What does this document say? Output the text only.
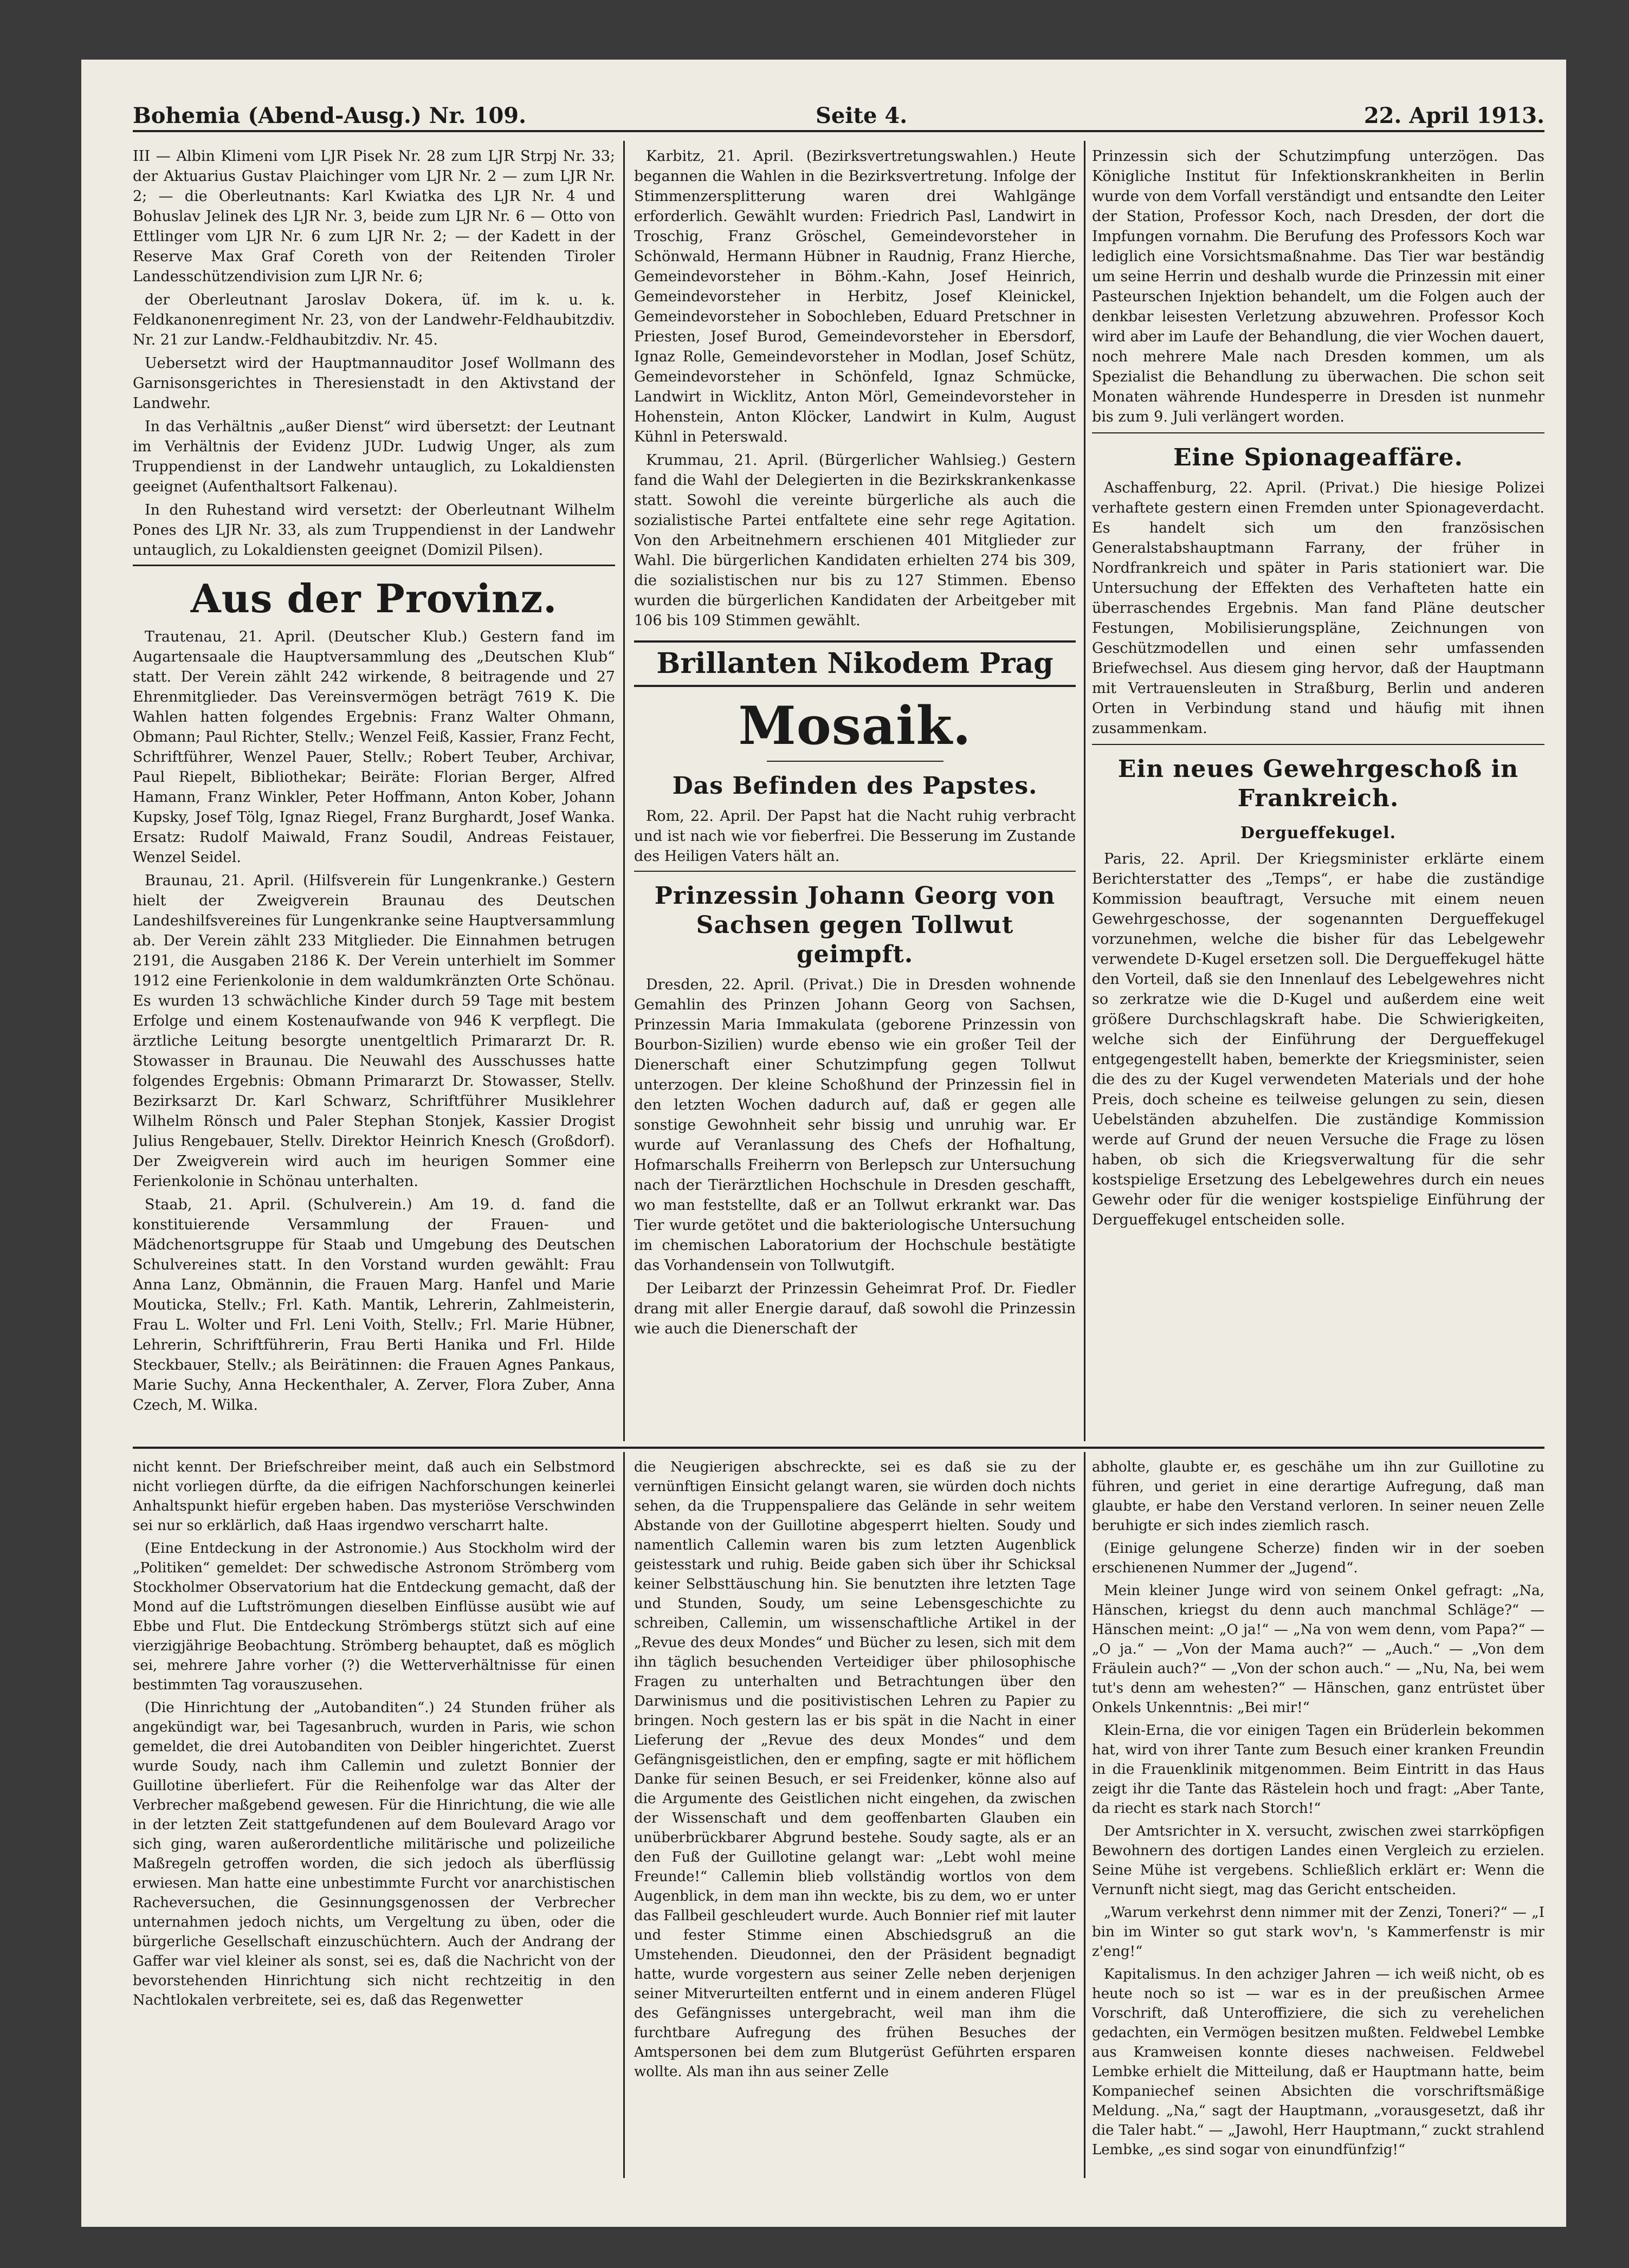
Bohemia (Abend-Ausg.) Nr. 109.	Seite 4.	22. April 1913.

III — Albin Klimeni vom LJR Pisek Nr. 28 zum LJR Strpj Nr. 33; der Aktuarius Gustav Plaichinger vom LJR Nr. 2 — zum LJR Nr. 2; — die Oberleutnants: Karl Kwiatka des LJR Nr. 4 und Bohuslav Jelinek des LJR Nr. 3, beide zum LJR Nr. 6 — Otto von Ettlinger vom LJR Nr. 6 zum LJR Nr. 2; — der Kadett in der Reserve Max Graf Coreth von der Reitenden Tiroler Landesschützendivision zum LJR Nr. 6;

der Oberleutnant Jaroslav Dokera, üf. im k. u. k. Feldkanonenregiment Nr. 23, von der Landwehr-Feldhaubitzdiv. Nr. 21 zur Landw.-Feldhaubitzdiv. Nr. 45.

Uebersetzt wird der Hauptmannauditor Josef Wollmann des Garnisonsgerichtes in Theresienstadt in den Aktivstand der Landwehr.

In das Verhältnis „außer Dienst“ wird übersetzt: der Leutnant im Verhältnis der Evidenz JUDr. Ludwig Unger, als zum Truppendienst in der Landwehr untauglich, zu Lokaldiensten geeignet (Aufenthaltsort Falkenau).

In den Ruhestand wird versetzt: der Oberleutnant Wilhelm Pones des LJR Nr. 33, als zum Truppendienst in der Landwehr untauglich, zu Lokaldiensten geeignet (Domizil Pilsen).

Aus der Provinz.

Trautenau, 21. April. (Deutscher Klub.) Gestern fand im Augartensaale die Hauptversammlung des „Deutschen Klub“ statt. Der Verein zählt 242 wirkende, 8 beitragende und 27 Ehrenmitglieder. Das Vereinsvermögen beträgt 7619 K. Die Wahlen hatten folgendes Ergebnis: Franz Walter Ohmann, Obmann; Paul Richter, Stellv.; Wenzel Feiß, Kassier, Franz Fecht, Schriftführer, Wenzel Pauer, Stellv.; Robert Teuber, Archivar, Paul Riepelt, Bibliothekar; Beiräte: Florian Berger, Alfred Hamann, Franz Winkler, Peter Hoffmann, Anton Kober, Johann Kupsky, Josef Tölg, Ignaz Riegel, Franz Burghardt, Josef Wanka. Ersatz: Rudolf Maiwald, Franz Soudil, Andreas Feistauer, Wenzel Seidel.

Braunau, 21. April. (Hilfsverein für Lungenkranke.) Gestern hielt der Zweigverein Braunau des Deutschen Landeshilfsvereines für Lungenkranke seine Hauptversammlung ab. Der Verein zählt 233 Mitglieder. Die Einnahmen betrugen 2191, die Ausgaben 2186 K. Der Verein unterhielt im Sommer 1912 eine Ferienkolonie in dem waldumkränzten Orte Schönau. Es wurden 13 schwächliche Kinder durch 59 Tage mit bestem Erfolge und einem Kostenaufwande von 946 K verpflegt. Die ärztliche Leitung besorgte unentgeltlich Primararzt Dr. R. Stowasser in Braunau. Die Neuwahl des Ausschusses hatte folgendes Ergebnis: Obmann Primararzt Dr. Stowasser, Stellv. Bezirksarzt Dr. Karl Schwarz, Schriftführer Musiklehrer Wilhelm Rönsch und Paler Stephan Stonjek, Kassier Drogist Julius Rengebauer, Stellv. Direktor Heinrich Knesch (Großdorf). Der Zweigverein wird auch im heurigen Sommer eine Ferienkolonie in Schönau unterhalten.

Staab, 21. April. (Schulverein.) Am 19. d. fand die konstituierende Versammlung der Frauen- und Mädchenortsgruppe für Staab und Umgebung des Deutschen Schulvereines statt. In den Vorstand wurden gewählt: Frau Anna Lanz, Obmännin, die Frauen Marg. Hanfel und Marie Mouticka, Stellv.; Frl. Kath. Mantik, Lehrerin, Zahlmeisterin, Frau L. Wolter und Frl. Leni Voith, Stellv.; Frl. Marie Hübner, Lehrerin, Schriftführerin, Frau Berti Hanika und Frl. Hilde Steckbauer, Stellv.; als Beirätinnen: die Frauen Agnes Pankaus, Marie Suchy, Anna Heckenthaler, A. Zerver, Flora Zuber, Anna Czech, M. Wilka.

Karbitz, 21. April. (Bezirksvertretungswahlen.) Heute begannen die Wahlen in die Bezirksvertretung. Infolge der Stimmenzersplitterung waren drei Wahlgänge erforderlich. Gewählt wurden: Friedrich Pasl, Landwirt in Troschig, Franz Gröschel, Gemeindevorsteher in Schönwald, Hermann Hübner in Raudnig, Franz Hierche, Gemeindevorsteher in Böhm.-Kahn, Josef Heinrich, Gemeindevorsteher in Herbitz, Josef Kleinickel, Gemeindevorsteher in Sobochleben, Eduard Pretschner in Priesten, Josef Burod, Gemeindevorsteher in Ebersdorf, Ignaz Rolle, Gemeindevorsteher in Modlan, Josef Schütz, Gemeindevorsteher in Schönfeld, Ignaz Schmücke, Landwirt in Wicklitz, Anton Mörl, Gemeindevorsteher in Hohenstein, Anton Klöcker, Landwirt in Kulm, August Kühnl in Peterswald.

Krummau, 21. April. (Bürgerlicher Wahlsieg.) Gestern fand die Wahl der Delegierten in die Bezirkskrankenkasse statt. Sowohl die vereinte bürgerliche als auch die sozialistische Partei entfaltete eine sehr rege Agitation. Von den Arbeitnehmern erschienen 401 Mitglieder zur Wahl. Die bürgerlichen Kandidaten erhielten 274 bis 309, die sozialistischen nur bis zu 127 Stimmen. Ebenso wurden die bürgerlichen Kandidaten der Arbeitgeber mit 106 bis 109 Stimmen gewählt.

Brillanten Nikodem Prag
Mosaik.
Das Befinden des Papstes.

Rom, 22. April. Der Papst hat die Nacht ruhig verbracht und ist nach wie vor fieberfrei. Die Besserung im Zustande des Heiligen Vaters hält an.

Prinzessin Johann Georg von Sachsen gegen Tollwut geimpft.

Dresden, 22. April. (Privat.) Die in Dresden wohnende Gemahlin des Prinzen Johann Georg von Sachsen, Prinzessin Maria Immakulata (geborene Prinzessin von Bourbon-Sizilien) wurde ebenso wie ein großer Teil der Dienerschaft einer Schutzimpfung gegen Tollwut unterzogen. Der kleine Schoßhund der Prinzessin fiel in den letzten Wochen dadurch auf, daß er gegen alle sonstige Gewohnheit sehr bissig und unruhig war. Er wurde auf Veranlassung des Chefs der Hofhaltung, Hofmarschalls Freiherrn von Berlepsch zur Untersuchung nach der Tierärztlichen Hochschule in Dresden geschafft, wo man feststellte, daß er an Tollwut erkrankt war. Das Tier wurde getötet und die bakteriologische Untersuchung im chemischen Laboratorium der Hochschule bestätigte das Vorhandensein von Tollwutgift.

Der Leibarzt der Prinzessin Geheimrat Prof. Dr. Fiedler drang mit aller Energie darauf, daß sowohl die Prinzessin wie auch die Dienerschaft der

Prinzessin sich der Schutzimpfung unterzögen. Das Königliche Institut für Infektionskrankheiten in Berlin wurde von dem Vorfall verständigt und entsandte den Leiter der Station, Professor Koch, nach Dresden, der dort die Impfungen vornahm. Die Berufung des Professors Koch war lediglich eine Vorsichtsmaßnahme. Das Tier war beständig um seine Herrin und deshalb wurde die Prinzessin mit einer Pasteurschen Injektion behandelt, um die Folgen auch der denkbar leisesten Verletzung abzuwehren. Professor Koch wird aber im Laufe der Behandlung, die vier Wochen dauert, noch mehrere Male nach Dresden kommen, um als Spezialist die Behandlung zu überwachen. Die schon seit Monaten währende Hundesperre in Dresden ist nunmehr bis zum 9. Juli verlängert worden.

Eine Spionageaffäre.

Aschaffenburg, 22. April. (Privat.) Die hiesige Polizei verhaftete gestern einen Fremden unter Spionageverdacht. Es handelt sich um den französischen Generalstabshauptmann Farrany, der früher in Nordfrankreich und später in Paris stationiert war. Die Untersuchung der Effekten des Verhafteten hatte ein überraschendes Ergebnis. Man fand Pläne deutscher Festungen, Mobilisierungspläne, Zeichnungen von Geschützmodellen und einen sehr umfassenden Briefwechsel. Aus diesem ging hervor, daß der Hauptmann mit Vertrauensleuten in Straßburg, Berlin und anderen Orten in Verbindung stand und häufig mit ihnen zusammenkam.

Ein neues Gewehrgeschoß in Frankreich.
Dergueffekugel.

Paris, 22. April. Der Kriegsminister erklärte einem Berichterstatter des „Temps“, er habe die zuständige Kommission beauftragt, Versuche mit einem neuen Gewehrgeschosse, der sogenannten Dergueffekugel vorzunehmen, welche die bisher für das Lebelgewehr verwendete D-Kugel ersetzen soll. Die Dergueffekugel hätte den Vorteil, daß sie den Innenlauf des Lebelgewehres nicht so zerkratze wie die D-Kugel und außerdem eine weit größere Durchschlagskraft habe. Die Schwierigkeiten, welche sich der Einführung der Dergueffekugel entgegengestellt haben, bemerkte der Kriegsminister, seien die des zu der Kugel verwendeten Materials und der hohe Preis, doch scheine es teilweise gelungen zu sein, diesen Uebelständen abzuhelfen. Die zuständige Kommission werde auf Grund der neuen Versuche die Frage zu lösen haben, ob sich die Kriegsverwaltung für die sehr kostspielige Ersetzung des Lebelgewehres durch ein neues Gewehr oder für die weniger kostspielige Einführung der Dergueffekugel entscheiden solle.

nicht kennt. Der Briefschreiber meint, daß auch ein Selbstmord nicht vorliegen dürfte, da die eifrigen Nachforschungen keinerlei Anhaltspunkt hiefür ergeben haben. Das mysteriöse Verschwinden sei nur so erklärlich, daß Haas irgendwo verscharrt halte.

(Eine Entdeckung in der Astronomie.) Aus Stockholm wird der „Politiken“ gemeldet: Der schwedische Astronom Strömberg vom Stockholmer Observatorium hat die Entdeckung gemacht, daß der Mond auf die Luftströmungen dieselben Einflüsse ausübt wie auf Ebbe und Flut. Die Entdeckung Strömbergs stützt sich auf eine vierzigjährige Beobachtung. Strömberg behauptet, daß es möglich sei, mehrere Jahre vorher (?) die Wetterverhältnisse für einen bestimmten Tag vorauszusehen.

(Die Hinrichtung der „Autobanditen“.) 24 Stunden früher als angekündigt war, bei Tagesanbruch, wurden in Paris, wie schon gemeldet, die drei Autobanditen von Deibler hingerichtet. Zuerst wurde Soudy, nach ihm Callemin und zuletzt Bonnier der Guillotine überliefert. Für die Reihenfolge war das Alter der Verbrecher maßgebend gewesen. Für die Hinrichtung, die wie alle in der letzten Zeit stattgefundenen auf dem Boulevard Arago vor sich ging, waren außerordentliche militärische und polizeiliche Maßregeln getroffen worden, die sich jedoch als überflüssig erwiesen. Man hatte eine unbestimmte Furcht vor anarchistischen Racheversuchen, die Gesinnungsgenossen der Verbrecher unternahmen jedoch nichts, um Vergeltung zu üben, oder die bürgerliche Gesellschaft einzuschüchtern. Auch der Andrang der Gaffer war viel kleiner als sonst, sei es, daß die Nachricht von der bevorstehenden Hinrichtung sich nicht rechtzeitig in den Nachtlokalen verbreitete, sei es, daß das Regenwetter

die Neugierigen abschreckte, sei es daß sie zu der vernünftigen Einsicht gelangt waren, sie würden doch nichts sehen, da die Truppenspaliere das Gelände in sehr weitem Abstande von der Guillotine abgesperrt hielten. Soudy und namentlich Callemin waren bis zum letzten Augenblick geistesstark und ruhig. Beide gaben sich über ihr Schicksal keiner Selbsttäuschung hin. Sie benutzten ihre letzten Tage und Stunden, Soudy, um seine Lebensgeschichte zu schreiben, Callemin, um wissenschaftliche Artikel in der „Revue des deux Mondes“ und Bücher zu lesen, sich mit dem ihn täglich besuchenden Verteidiger über philosophische Fragen zu unterhalten und Betrachtungen über den Darwinismus und die positivistischen Lehren zu Papier zu bringen. Noch gestern las er bis spät in die Nacht in einer Lieferung der „Revue des deux Mondes“ und dem Gefängnisgeistlichen, den er empfing, sagte er mit höflichem Danke für seinen Besuch, er sei Freidenker, könne also auf die Argumente des Geistlichen nicht eingehen, da zwischen der Wissenschaft und dem geoffenbarten Glauben ein unüberbrückbarer Abgrund bestehe. Soudy sagte, als er an den Fuß der Guillotine gelangt war: „Lebt wohl meine Freunde!“ Callemin blieb vollständig wortlos von dem Augenblick, in dem man ihn weckte, bis zu dem, wo er unter das Fallbeil geschleudert wurde. Auch Bonnier rief mit lauter und fester Stimme einen Abschiedsgruß an die Umstehenden. Dieudonnei, den der Präsident begnadigt hatte, wurde vorgestern aus seiner Zelle neben derjenigen seiner Mitverurteilten entfernt und in einem anderen Flügel des Gefängnisses untergebracht, weil man ihm die furchtbare Aufregung des frühen Besuches der Amtspersonen bei dem zum Blutgerüst Geführten ersparen wollte. Als man ihn aus seiner Zelle

abholte, glaubte er, es geschähe um ihn zur Guillotine zu führen, und geriet in eine derartige Aufregung, daß man glaubte, er habe den Verstand verloren. In seiner neuen Zelle beruhigte er sich indes ziemlich rasch.

(Einige gelungene Scherze) finden wir in der soeben erschienenen Nummer der „Jugend“.

Mein kleiner Junge wird von seinem Onkel gefragt: „Na, Hänschen, kriegst du denn auch manchmal Schläge?“ — Hänschen meint: „O ja!“ — „Na von wem denn, vom Papa?“ — „O ja.“ — „Von der Mama auch?“ — „Auch.“ — „Von dem Fräulein auch?“ — „Von der schon auch.“ — „Nu, Na, bei wem tut's denn am wehesten?“ — Hänschen, ganz entrüstet über Onkels Unkenntnis: „Bei mir!“

Klein-Erna, die vor einigen Tagen ein Brüderlein bekommen hat, wird von ihrer Tante zum Besuch einer kranken Freundin in die Frauenklinik mitgenommen. Beim Eintritt in das Haus zeigt ihr die Tante das Rästelein hoch und fragt: „Aber Tante, da riecht es stark nach Storch!“

Der Amtsrichter in X. versucht, zwischen zwei starrköpfigen Bewohnern des dortigen Landes einen Vergleich zu erzielen. Seine Mühe ist vergebens. Schließlich erklärt er: Wenn die Vernunft nicht siegt, mag das Gericht entscheiden.

„Warum verkehrst denn nimmer mit der Zenzi, Toneri?“ — „I bin im Winter so gut stark wov'n, 's Kammerfenstr is mir z'eng!“

Kapitalismus. In den achziger Jahren — ich weiß nicht, ob es heute noch so ist — war es in der preußischen Armee Vorschrift, daß Unteroffiziere, die sich zu verehelichen gedachten, ein Vermögen besitzen mußten. Feldwebel Lembke aus Kramweisen konnte dieses nachweisen. Feldwebel Lembke erhielt die Mitteilung, daß er Hauptmann hatte, beim Kompaniechef seinen Absichten die vorschriftsmäßige Meldung. „Na,“ sagt der Hauptmann, „vorausgesetzt, daß ihr die Taler habt.“ — „Jawohl, Herr Hauptmann,“ zuckt strahlend Lembke, „es sind sogar von einundfünfzig!“
